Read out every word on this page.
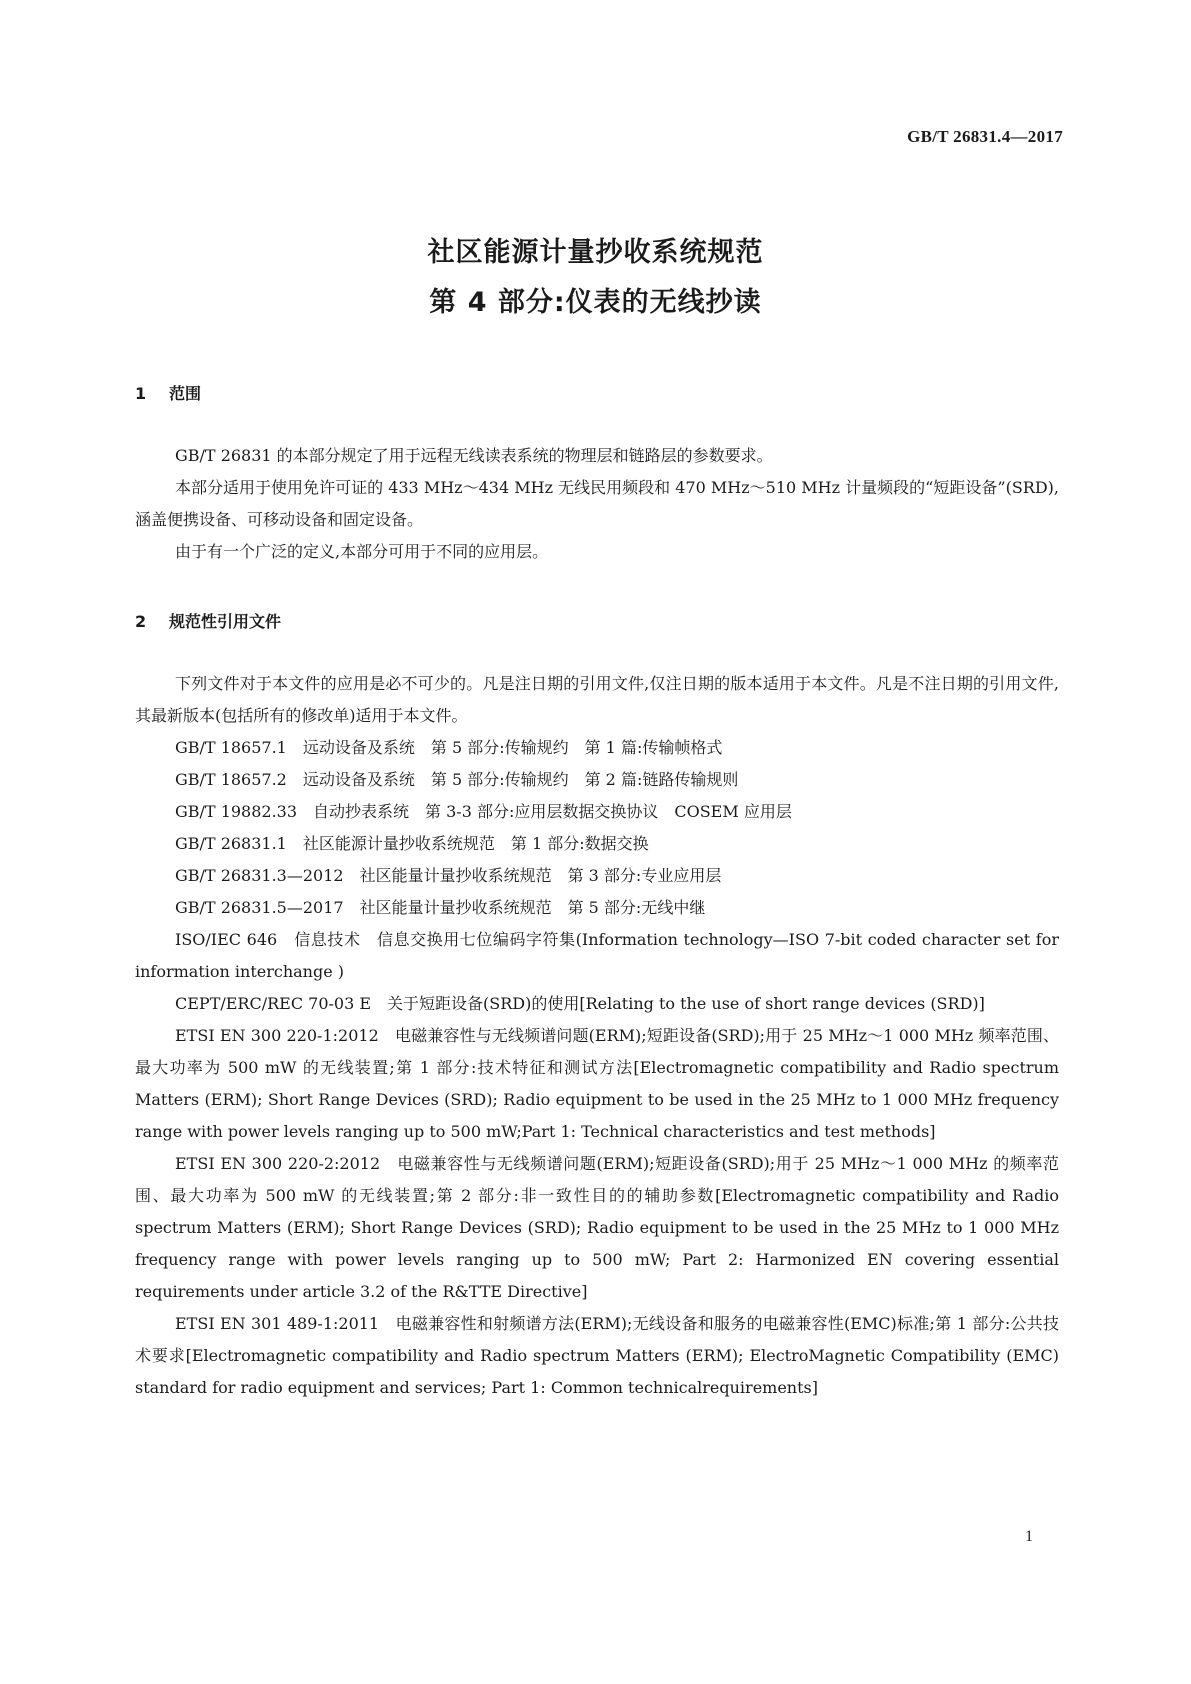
GB/T 26831.4—2017
社区能源计量抄收系统规范
第 4 部分:仪表的无线抄读
1 范围

GB/T 26831 的本部分规定了用于远程无线读表系统的物理层和链路层的参数要求。

本部分适用于使用免许可证的 433 MHz～434 MHz 无线民用频段和 470 MHz～510 MHz 计量频段的“短距设备”(SRD),涵盖便携设备、可移动设备和固定设备。

由于有一个广泛的定义,本部分可用于不同的应用层。

2 规范性引用文件

下列文件对于本文件的应用是必不可少的。凡是注日期的引用文件,仅注日期的版本适用于本文件。凡是不注日期的引用文件,其最新版本(包括所有的修改单)适用于本文件。

GB/T 18657.1　远动设备及系统　第 5 部分:传输规约　第 1 篇:传输帧格式

GB/T 18657.2　远动设备及系统　第 5 部分:传输规约　第 2 篇:链路传输规则

GB/T 19882.33　自动抄表系统　第 3-3 部分:应用层数据交换协议　COSEM 应用层

GB/T 26831.1　社区能源计量抄收系统规范　第 1 部分:数据交换

GB/T 26831.3—2012　社区能量计量抄收系统规范　第 3 部分:专业应用层

GB/T 26831.5—2017　社区能量计量抄收系统规范　第 5 部分:无线中继

ISO/IEC 646　信息技术　信息交换用七位编码字符集(Information technology—ISO 7-bit coded character set for information interchange )

CEPT/ERC/REC 70-03 E　关于短距设备(SRD)的使用[Relating to the use of short range devices (SRD)]

ETSI EN 300 220-1:2012　电磁兼容性与无线频谱问题(ERM);短距设备(SRD);用于 25 MHz～1 000 MHz 频率范围、最大功率为 500 mW 的无线装置;第 1 部分:技术特征和测试方法[Electromagnetic compatibility and Radio spectrum Matters (ERM); Short Range Devices (SRD); Radio equipment to be used in the 25 MHz to 1 000 MHz frequency range with power levels ranging up to 500 mW;Part 1: Technical characteristics and test methods]

ETSI EN 300 220-2:2012　电磁兼容性与无线频谱问题(ERM);短距设备(SRD);用于 25 MHz～1 000 MHz 的频率范围、最大功率为 500 mW 的无线装置;第 2 部分:非一致性目的的辅助参数[Electromagnetic compatibility and Radio spectrum Matters (ERM); Short Range Devices (SRD); Radio equipment to be used in the 25 MHz to 1 000 MHz frequency range with power levels ranging up to 500 mW; Part 2: Harmonized EN covering essential requirements under article 3.2 of the R&TTE Directive]

ETSI EN 301 489-1:2011　电磁兼容性和射频谱方法(ERM);无线设备和服务的电磁兼容性(EMC)标准;第 1 部分:公共技术要求[Electromagnetic compatibility and Radio spectrum Matters (ERM); ElectroMagnetic Compatibility (EMC) standard for radio equipment and services; Part 1: Common technicalrequirements]

1
